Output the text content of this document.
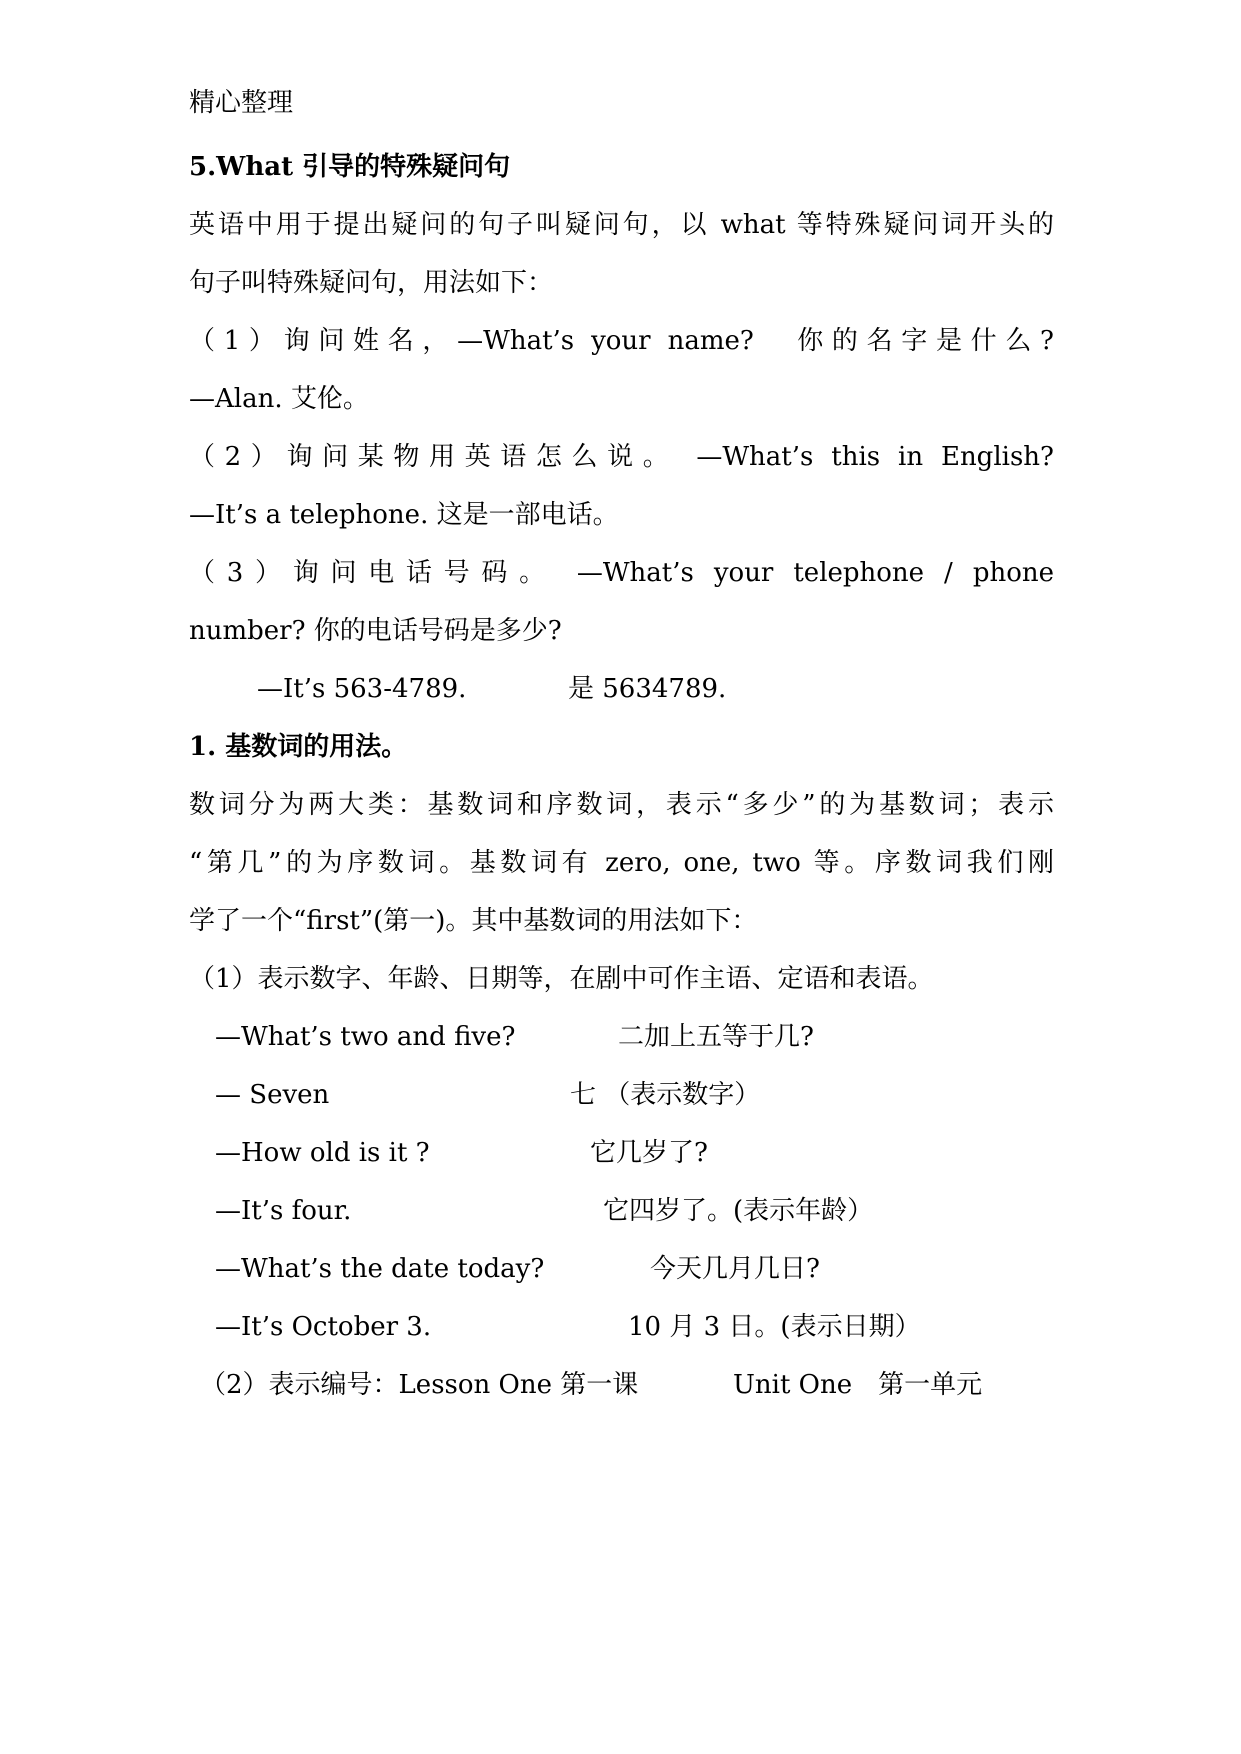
精心整理
5.What 引导的特殊疑问句
英语中用于提出疑问的句子叫疑问句，以 what 等特殊疑问词开头的
句子叫特殊疑问句，用法如下：
（1）询问姓名，—What’s your name?　你的名字是什么?
—Alan. 艾伦。
（2）询问某物用英语怎么说。 —What’s this in English?
—It’s a telephone. 这是一部电话。
（3）询问电话号码。 —What’s your telephone / phone
number? 你的电话号码是多少?
—It’s 563-4789.	是 5634789.
1. 基数词的用法。
数词分为两大类：基数词和序数词，表示“多少”的为基数词；表示
“第几”的为序数词。基数词有 zero, one, two 等。序数词我们刚
学了一个“first”(第一)。其中基数词的用法如下：
（1）表示数字、年龄、日期等，在剧中可作主语、定语和表语。
—What’s two and five?	二加上五等于几?
— Seven	七 （表示数字）
—How old is it ?	它几岁了?
—It’s four.	它四岁了。(表示年龄）
—What’s the date today?	今天几月几日?
—It’s October 3.	10 月 3 日。(表示日期）
（2）表示编号：Lesson One 第一课	Unit One　第一单元
